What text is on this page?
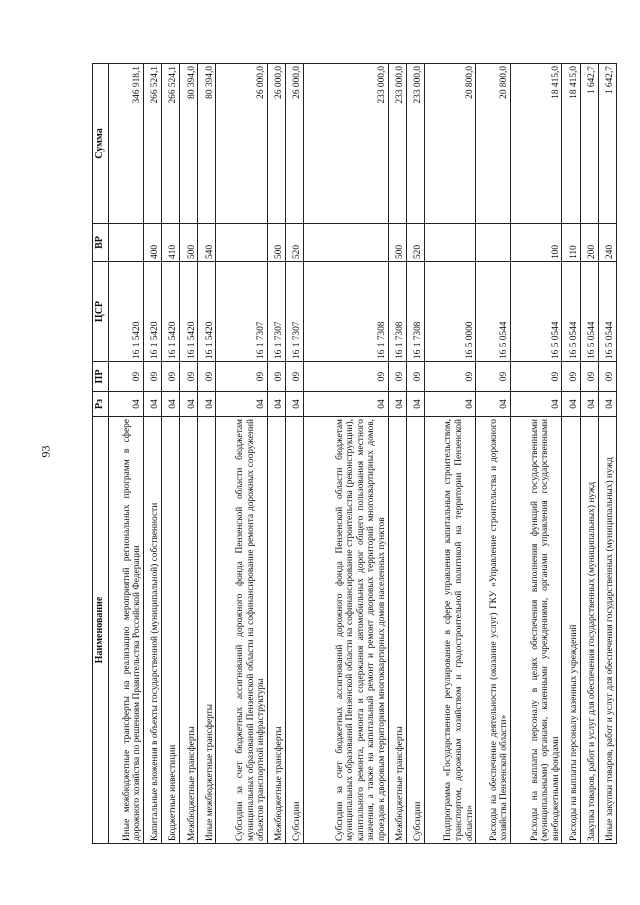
93
Наименование	Рз	ПР	ЦСР	ВР	Сумма
Иные межбюджетные трансферты на реализацию мероприятий региональных программ в сфере дорожного хозяйства по решениям Правительства Российской Федерации	04	09	16 1 5420		346 918,1
Капитальные вложения в объекты государственной (муниципальной) собственности	04	09	16 1 5420	400	266 524,1
Бюджетные инвестиции	04	09	16 1 5420	410	266 524,1
Межбюджетные трансферты	04	09	16 1 5420	500	80 394,0
Иные межбюджетные трансферты	04	09	16 1 5420	540	80 394,0
Субсидии за счет бюджетных ассигнований дорожного фонда Пензенской области бюджетам муниципальных образований Пензенской области на софинансирование ремонта дорожных сооружений объектов транспортной инфраструктуры	04	09	16 1 7307		26 000,0
Межбюджетные трансферты	04	09	16 1 7307	500	26 000,0
Субсидии	04	09	16 1 7307	520	26 000,0
Субсидии за счет бюджетных ассигнований дорожного фонда Пензенской области бюджетам муниципальных образований Пензенской области на софинансирование строительства (реконструкции), капитального ремонта, ремонта и содержания автомобильных дорог общего пользования местного значения, а также на капитальный ремонт и ремонт дворовых территорий многоквартирных домов, проездов к дворовым территориям многоквартирных домов населенных пунктов	04	09	16 1 7308		233 000,0
Межбюджетные трансферты	04	09	16 1 7308	500	233 000,0
Субсидии	04	09	16 1 7308	520	233 000,0
Подпрограмма «Государственное регулирование в сфере управления капитальным строительством, транспортом, дорожным хозяйством и градостроительной политикой на территории Пензенской области»	04	09	16 5 0000		20 800,0
Расходы на обеспечение деятельности (оказание услуг) ГКУ «Управление строительства и дорожного хозяйства Пензенской области»	04	09	16 5 0544		20 800,0
Расходы на выплаты персоналу в целях обеспечения выполнения функций государственными (муниципальными) органами, казенными учреждениями, органами управления государственными внебюджетными фондами	04	09	16 5 0544	100	18 415,0
Расходы на выплаты персоналу казенных учреждений	04	09	16 5 0544	110	18 415,0
Закупка товаров, работ и услуг для обеспечения государственных (муниципальных) нужд	04	09	16 5 0544	200	1 642,7
Иные закупки товаров, работ и услуг для обеспечения государственных (муниципальных) нужд	04	09	16 5 0544	240	1 642,7
